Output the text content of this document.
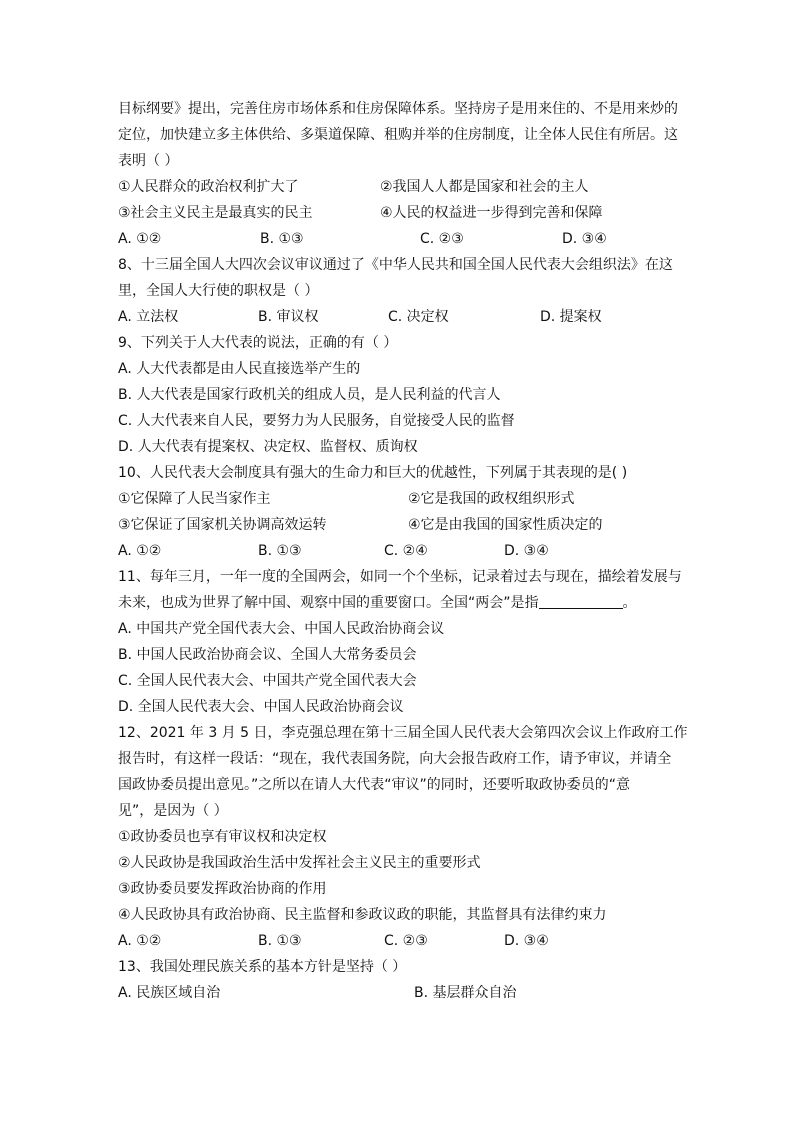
目标纲要》提出，完善住房市场体系和住房保障体系。坚持房子是用来住的、不是用来炒的
定位，加快建立多主体供给、多渠道保障、租购并举的住房制度，让全体人民住有所居。这
表明（ ）
①人民群众的政治权利扩大了	②我国人人都是国家和社会的主人
③社会主义民主是最真实的民主	④人民的权益进一步得到完善和保障
A. ①②	B. ①③	C. ②③	D. ③④
8、十三届全国人大四次会议审议通过了《中华人民共和国全国人民代表大会组织法》在这
里，全国人大行使的职权是（ ）
A. 立法权	B. 审议权	C. 决定权	D. 提案权
9、下列关于人大代表的说法，正确的有（ ）
A. 人大代表都是由人民直接选举产生的
B. 人大代表是国家行政机关的组成人员，是人民利益的代言人
C. 人大代表来自人民，要努力为人民服务，自觉接受人民的监督
D. 人大代表有提案权、决定权、监督权、质询权
10、人民代表大会制度具有强大的生命力和巨大的优越性，下列属于其表现的是( )
①它保障了人民当家作主	②它是我国的政权组织形式
③它保证了国家机关协调高效运转	④它是由我国的国家性质决定的
A. ①②	B. ①③	C. ②④	D. ③④
11、每年三月，一年一度的全国两会，如同一个个坐标，记录着过去与现在，描绘着发展与
未来，也成为世界了解中国、观察中国的重要窗口。全国“两会”是指	。
A. 中国共产党全国代表大会、中国人民政治协商会议
B. 中国人民政治协商会议、全国人大常务委员会
C. 全国人民代表大会、中国共产党全国代表大会
D. 全国人民代表大会、中国人民政治协商会议
12、2021 年 3 月 5 日，李克强总理在第十三届全国人民代表大会第四次会议上作政府工作
报告时，有这样一段话：“现在，我代表国务院，向大会报告政府工作，请予审议，并请全
国政协委员提出意见。”之所以在请人大代表“审议”的同时，还要听取政协委员的“意
见”，是因为（ ）
①政协委员也享有审议权和决定权
②人民政协是我国政治生活中发挥社会主义民主的重要形式
③政协委员要发挥政治协商的作用
④人民政协具有政治协商、民主监督和参政议政的职能，其监督具有法律约束力
A. ①②	B. ①③	C. ②③	D. ③④
13、我国处理民族关系的基本方针是坚持（ ）
A. 民族区域自治	B. 基层群众自治
